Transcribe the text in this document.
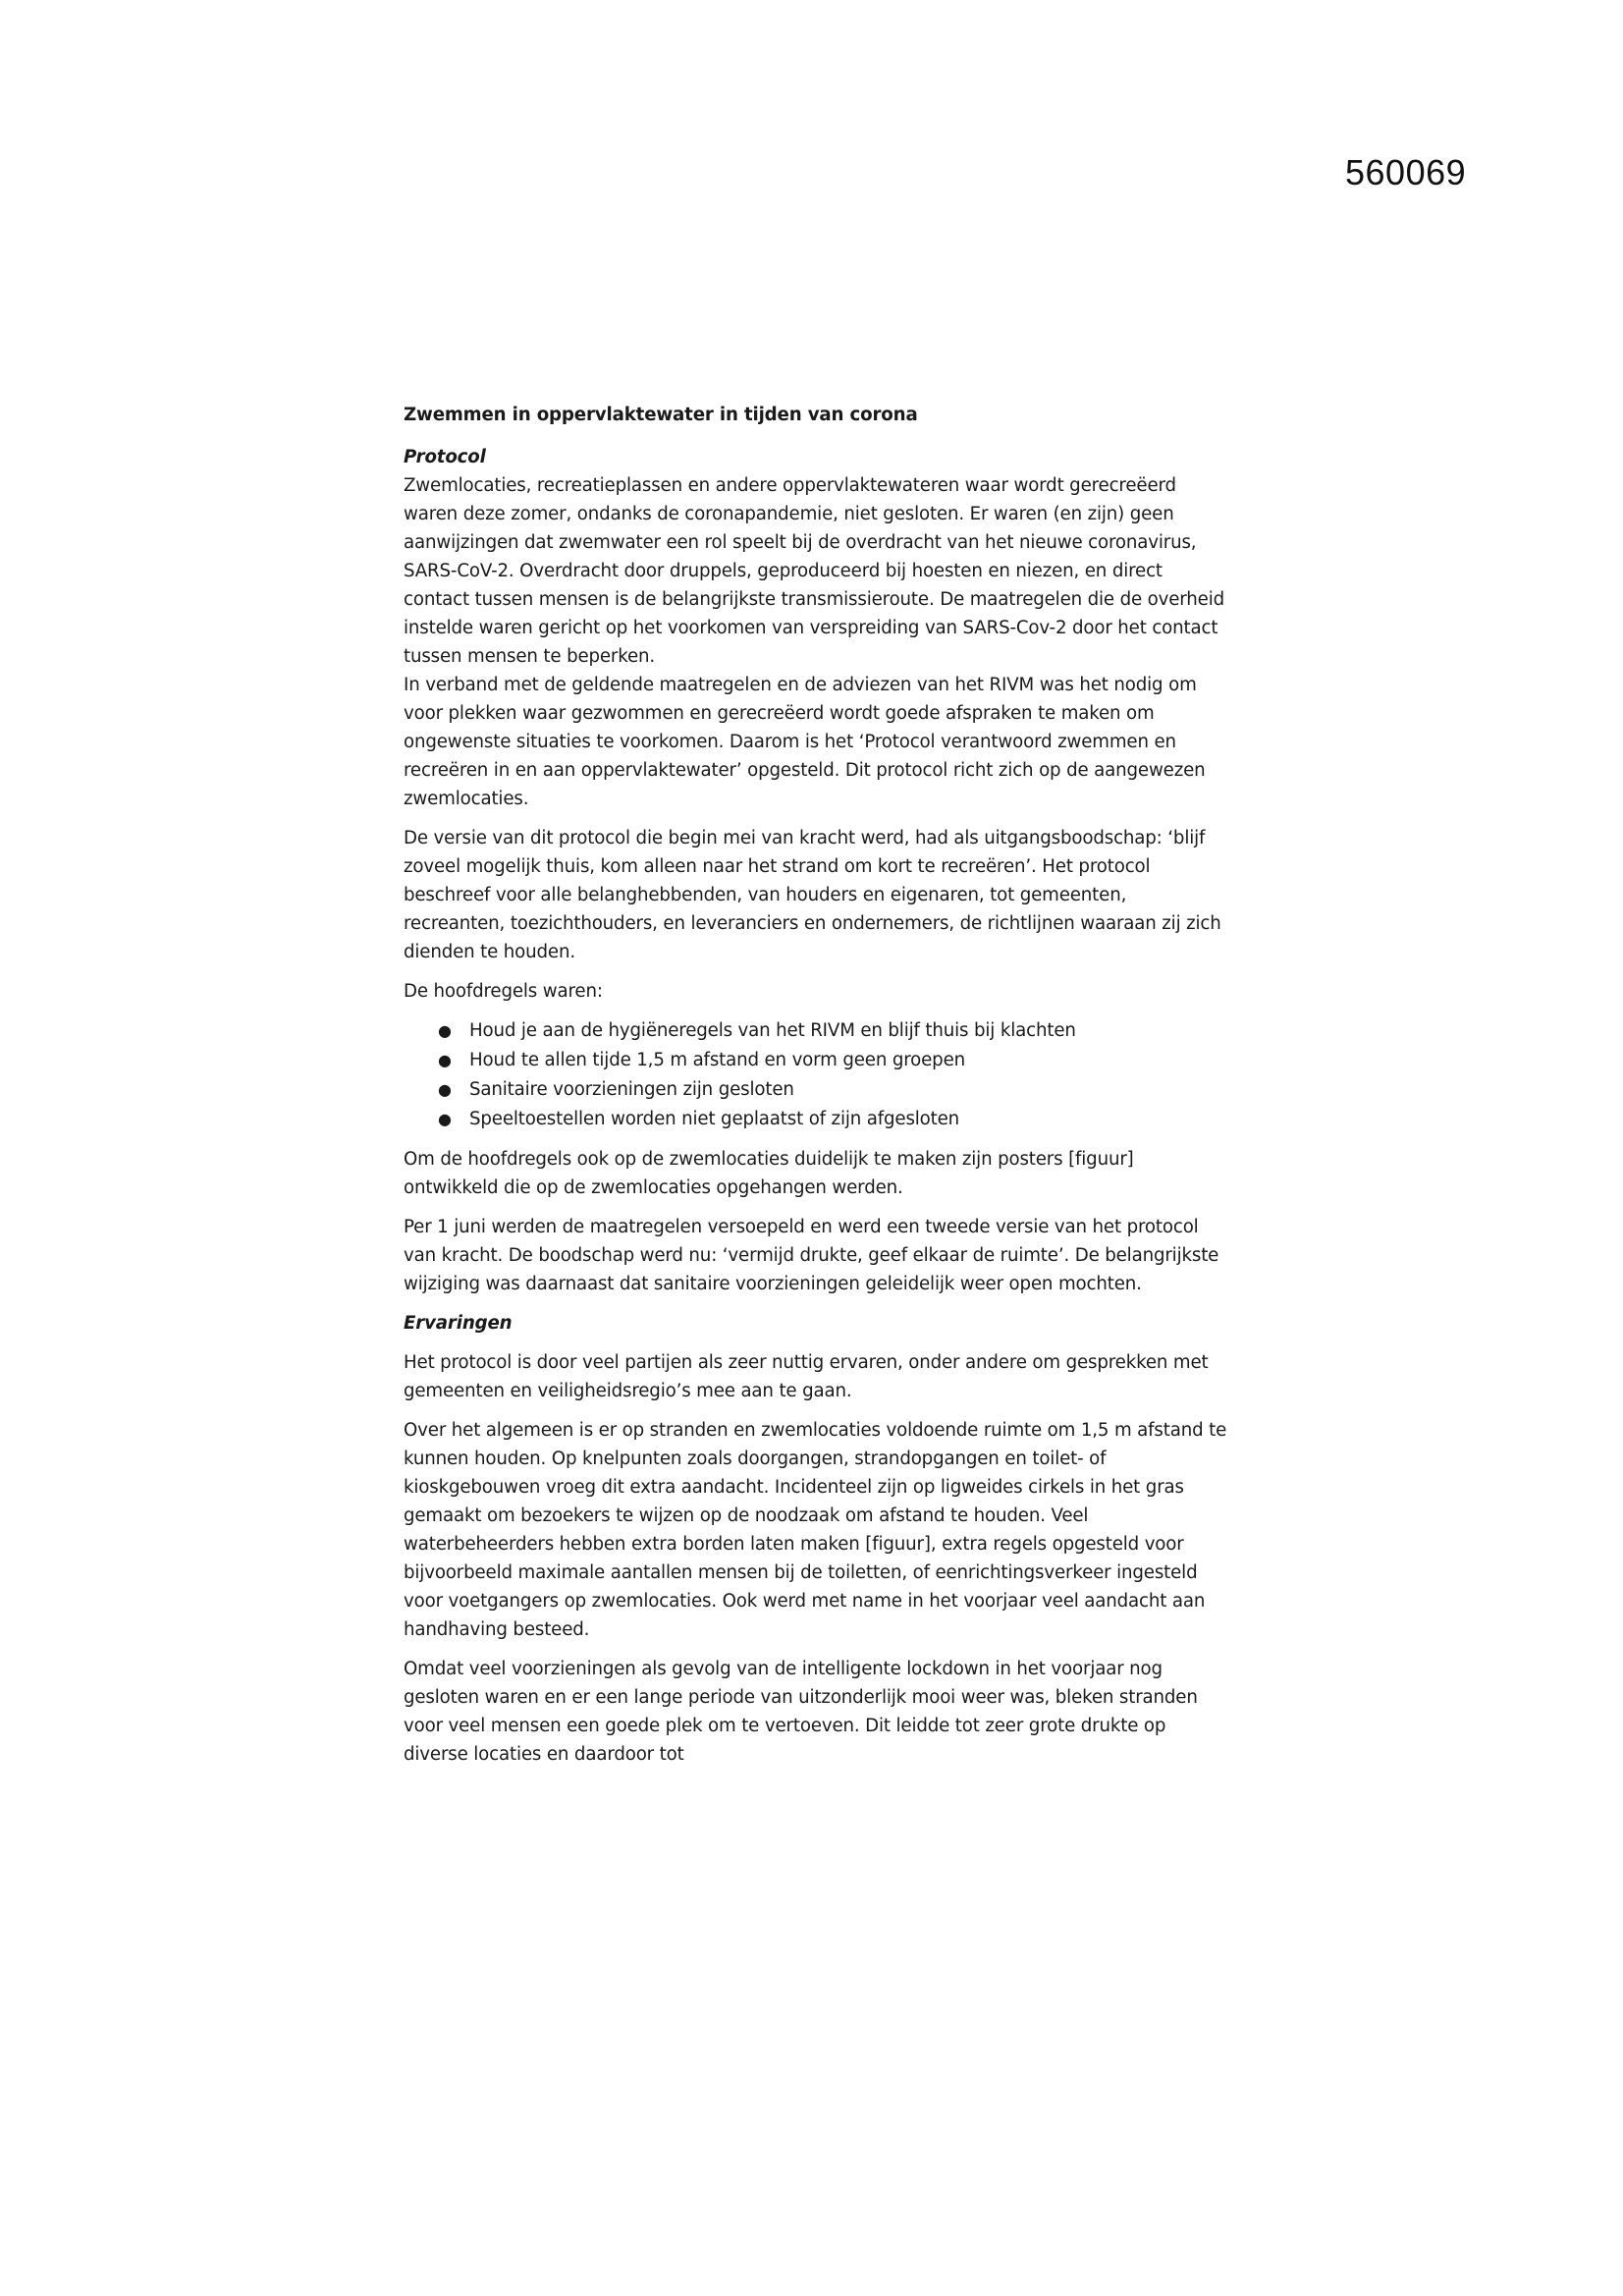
560069
Zwemmen in oppervlaktewater in tijden van corona
Protocol

Zwemlocaties, recreatieplassen en andere oppervlaktewateren waar wordt gerecreëerd waren deze zomer, ondanks de coronapandemie, niet gesloten. Er waren (en zijn) geen aanwijzingen dat zwemwater een rol speelt bij de overdracht van het nieuwe coronavirus, SARS-CoV-2. Overdracht door druppels, geproduceerd bij hoesten en niezen, en direct contact tussen mensen is de belangrijkste transmissieroute. De maatregelen die de overheid instelde waren gericht op het voorkomen van verspreiding van SARS-Cov-2 door het contact tussen mensen te beperken.

In verband met de geldende maatregelen en de adviezen van het RIVM was het nodig om voor plekken waar gezwommen en gerecreëerd wordt goede afspraken te maken om ongewenste situaties te voorkomen. Daarom is het ‘Protocol verantwoord zwemmen en recreëren in en aan oppervlaktewater’ opgesteld. Dit protocol richt zich op de aangewezen zwemlocaties.

De versie van dit protocol die begin mei van kracht werd, had als uitgangsboodschap: ‘blijf zoveel mogelijk thuis, kom alleen naar het strand om kort te recreëren’. Het protocol beschreef voor alle belanghebbenden, van houders en eigenaren, tot gemeenten, recreanten, toezichthouders, en leveranciers en ondernemers, de richtlijnen waaraan zij zich dienden te houden.

De hoofdregels waren:

● Houd je aan de hygiëneregels van het RIVM en blijf thuis bij klachten
● Houd te allen tijde 1,5 m afstand en vorm geen groepen
● Sanitaire voorzieningen zijn gesloten
● Speeltoestellen worden niet geplaatst of zijn afgesloten

Om de hoofdregels ook op de zwemlocaties duidelijk te maken zijn posters [figuur] ontwikkeld die op de zwemlocaties opgehangen werden.

Per 1 juni werden de maatregelen versoepeld en werd een tweede versie van het protocol van kracht. De boodschap werd nu: ‘vermijd drukte, geef elkaar de ruimte’. De belangrijkste wijziging was daarnaast dat sanitaire voorzieningen geleidelijk weer open mochten.

Ervaringen

Het protocol is door veel partijen als zeer nuttig ervaren, onder andere om gesprekken met gemeenten en veiligheidsregio’s mee aan te gaan.

Over het algemeen is er op stranden en zwemlocaties voldoende ruimte om 1,5 m afstand te kunnen houden. Op knelpunten zoals doorgangen, strandopgangen en toilet- of kioskgebouwen vroeg dit extra aandacht. Incidenteel zijn op ligweides cirkels in het gras gemaakt om bezoekers te wijzen op de noodzaak om afstand te houden. Veel waterbeheerders hebben extra borden laten maken [figuur], extra regels opgesteld voor bijvoorbeeld maximale aantallen mensen bij de toiletten, of eenrichtingsverkeer ingesteld voor voetgangers op zwemlocaties. Ook werd met name in het voorjaar veel aandacht aan handhaving besteed.

Omdat veel voorzieningen als gevolg van de intelligente lockdown in het voorjaar nog gesloten waren en er een lange periode van uitzonderlijk mooi weer was, bleken stranden voor veel mensen een goede plek om te vertoeven. Dit leidde tot zeer grote drukte op diverse locaties en daardoor tot
